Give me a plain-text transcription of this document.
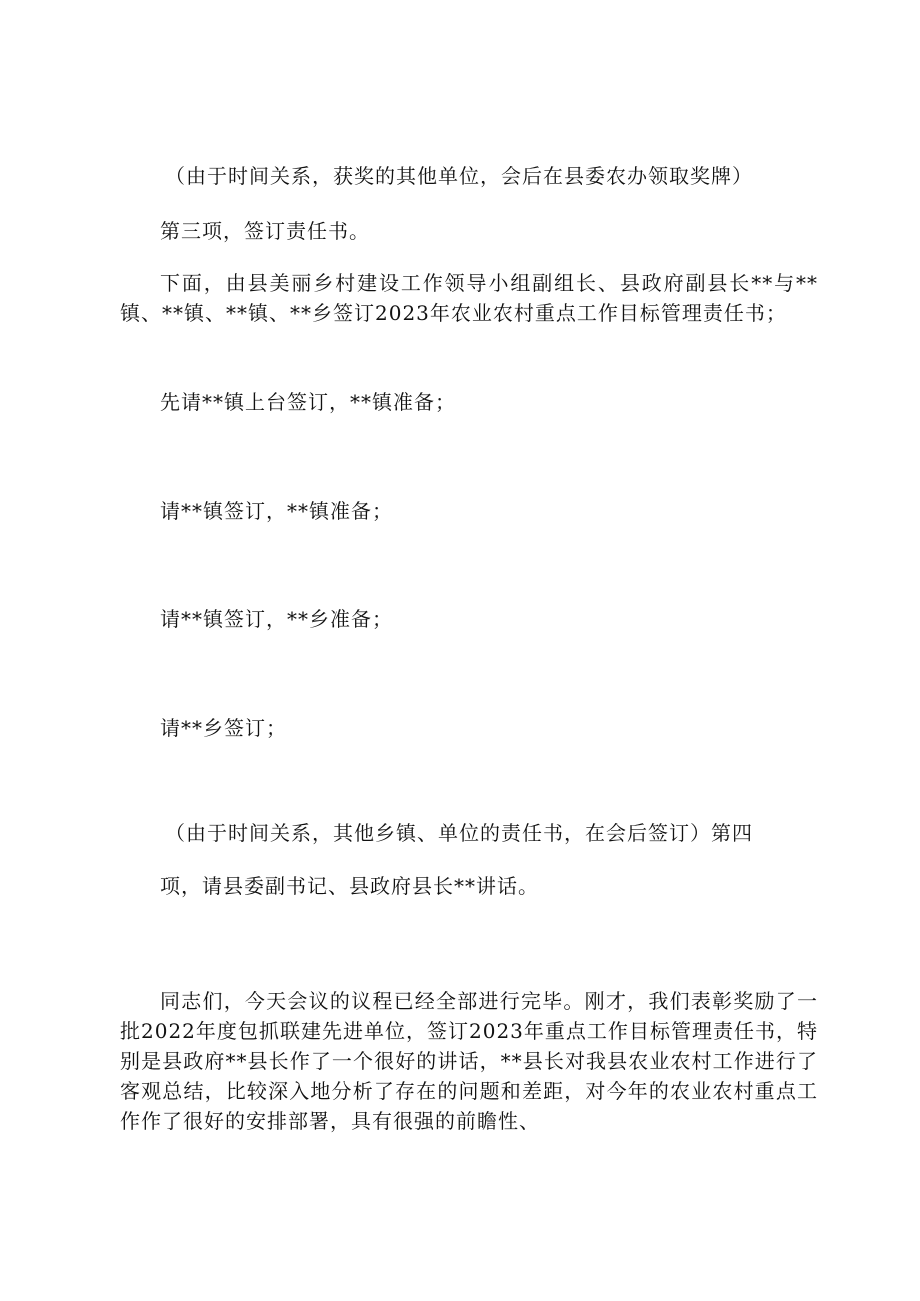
（由于时间关系，获奖的其他单位，会后在县委农办领取奖牌）
第三项，签订责任书。
下面，由县美丽乡村建设工作领导小组副组长、县政府副县长**与**镇、**镇、**镇、**乡签订2023年农业农村重点工作目标管理责任书；
先请**镇上台签订，**镇准备；
请**镇签订，**镇准备；
请**镇签订，**乡准备；
请**乡签订；
（由于时间关系，其他乡镇、单位的责任书，在会后签订）第四
项，请县委副书记、县政府县长**讲话。
同志们，今天会议的议程已经全部进行完毕。刚才，我们表彰奖励了一批2022年度包抓联建先进单位，签订2023年重点工作目标管理责任书，特别是县政府**县长作了一个很好的讲话，**县长对我县农业农村工作进行了客观总结，比较深入地分析了存在的问题和差距，对今年的农业农村重点工作作了很好的安排部署，具有很强的前瞻性、
